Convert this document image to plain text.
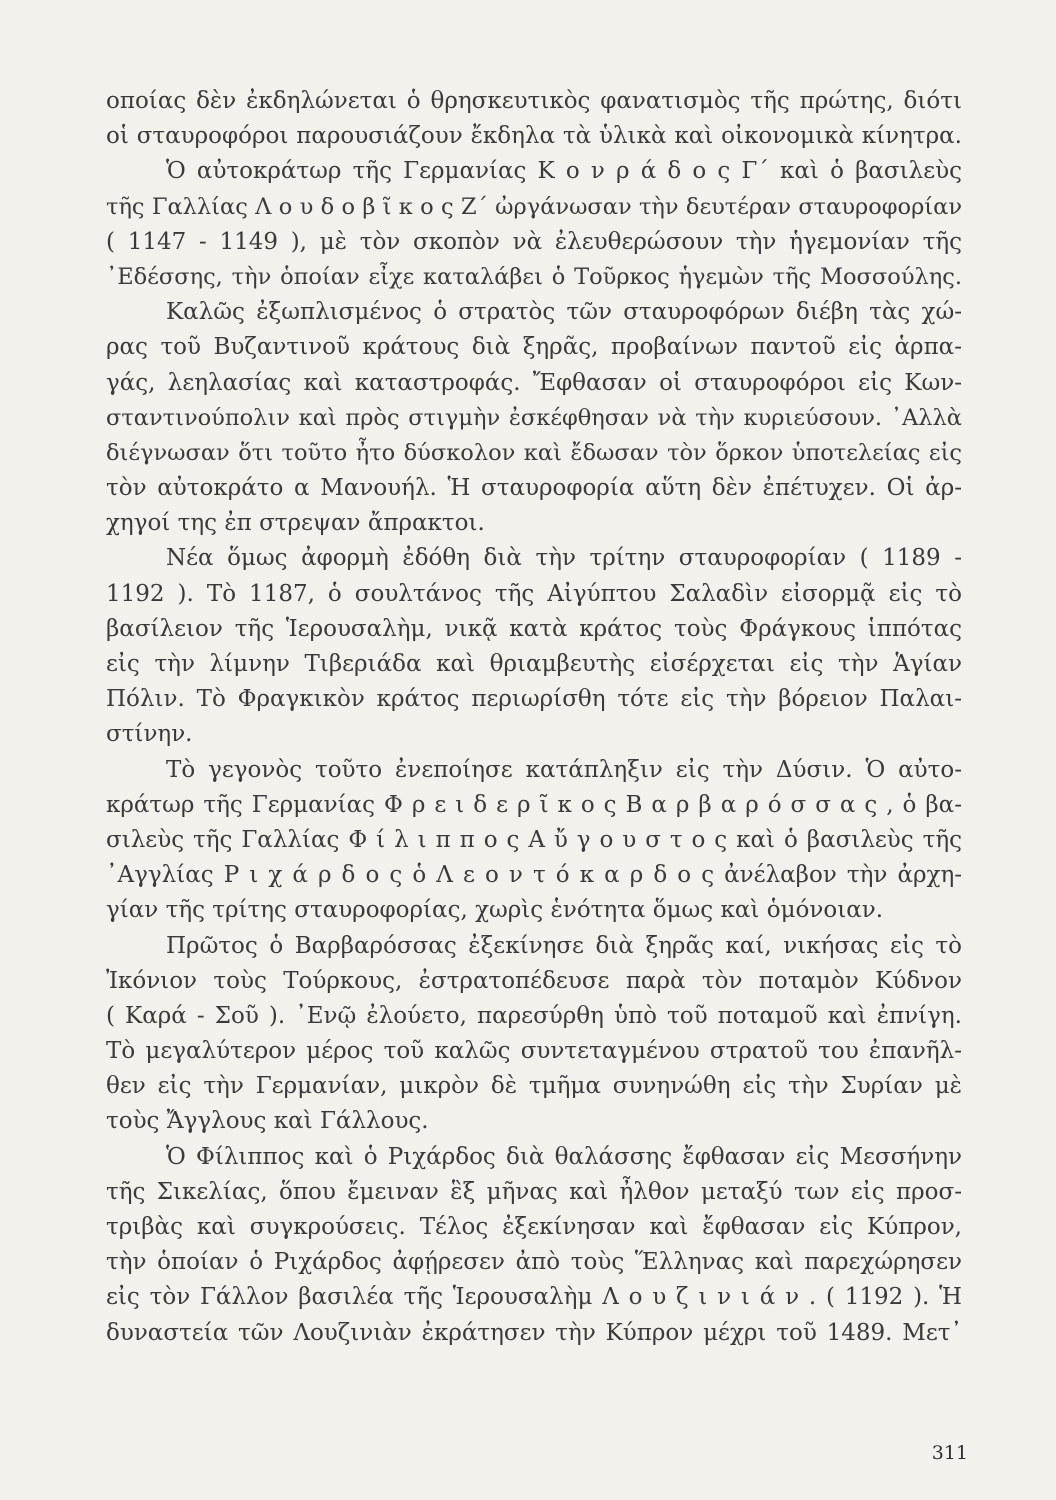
οποίας δὲν ἐκδηλώνεται ὁ θρησκευτικὸς φανατισμὸς τῆς πρώτης, διότι
οἱ σταυροφόροι παρουσιάζουν ἔκδηλα τὰ ὑλικὰ καὶ οἰκονομικὰ κίνητρα.
Ὁ αὐτοκράτωρ τῆς Γερμανίας Κ ο ν ρ ά δ ο ς Γ΄ καὶ ὁ βασιλεὺς
τῆς Γαλλίας Λ ο υ δ ο β ῖ κ ο ς Ζ΄ ὠργάνωσαν τὴν δευτέραν σταυροφορίαν
( 1147 - 1149 ), μὲ τὸν σκοπὸν νὰ ἐλευθερώσουν τὴν ἡγεμονίαν τῆς
᾿Εδέσσης, τὴν ὁποίαν εἶχε καταλάβει ὁ Τοῦρκος ἡγεμὼν τῆς Μοσσούλης.
Καλῶς ἐξωπλισμένος ὁ στρατὸς τῶν σταυροφόρων διέβη τὰς χώ-
ρας τοῦ Βυζαντινοῦ κράτους διὰ ξηρᾶς, προβαίνων παντοῦ εἰς ἁρπα-
γάς, λεηλασίας καὶ καταστροφάς. Ἔφθασαν οἱ σταυροφόροι εἰς Κων-
σταντινούπολιν καὶ πρὸς στιγμὴν ἐσκέφθησαν νὰ τὴν κυριεύσουν. ᾿Αλλὰ
διέγνωσαν ὅτι τοῦτο ἦτο δύσκολον καὶ ἔδωσαν τὸν ὅρκον ὑποτελείας εἰς
τὸν αὐτοκράτο ‍α Μανουήλ. Ἡ σταυροφορία αὕτη δὲν ἐπέτυχεν. Οἱ ἀρ-
χηγοί της ἐπ ‍στρεψαν ἄπρακτοι.
Νέα ὅμως ἀφορμὴ ἐδόθη διὰ τὴν τρίτην σταυροφορίαν ( 1189 -
1192 ). Τὸ 1187, ὁ σουλτάνος τῆς Αἰγύπτου Σαλαδὶν εἰσορμᾷ εἰς τὸ
βασίλειον τῆς Ἱερουσαλὴμ, νικᾷ κατὰ κράτος τοὺς Φράγκους ἱππότας
εἰς τὴν λίμνην Τιβεριάδα καὶ θριαμβευτὴς εἰσέρχεται εἰς τὴν Ἁγίαν
Πόλιν. Τὸ Φραγκικὸν κράτος περιωρίσθη τότε εἰς τὴν βόρειον Παλαι-
στίνην.
Τὸ γεγονὸς τοῦτο ἐνεποίησε κατάπληξιν εἰς τὴν Δύσιν. Ὁ αὐτο-
κράτωρ τῆς Γερμανίας Φ ρ ε ι δ ε ρ ῖ κ ο ς Β α ρ β α ρ ό σ σ α ς , ὁ βα-
σιλεὺς τῆς Γαλλίας Φ ί λ ι π π ο ς Α ὔ γ ο υ σ τ ο ς καὶ ὁ βασιλεὺς τῆς
᾿Αγγλίας Ρ ι χ ά ρ δ ο ς ὁ Λ ε ο ν τ ό κ α ρ δ ο ς ἀνέλαβον τὴν ἀρχη-
γίαν τῆς τρίτης σταυροφορίας, χωρὶς ἑνότητα ὅμως καὶ ὁμόνοιαν.
Πρῶτος ὁ Βαρβαρόσσας ἐξεκίνησε διὰ ξηρᾶς καί, νικήσας εἰς τὸ
Ἰκόνιον τοὺς Τούρκους, ἐστρατοπέδευσε παρὰ τὸν ποταμὸν Κύδνον
( Καρά - Σοῦ ). ᾿Ενῷ ἐλούετο, παρεσύρθη ὑπὸ τοῦ ποταμοῦ καὶ ἐπνίγη.
Τὸ μεγαλύτερον μέρος τοῦ καλῶς συντεταγμένου στρατοῦ του ἐπανῆλ-
θεν εἰς τὴν Γερμανίαν, μικρὸν δὲ τμῆμα συνηνώθη εἰς τὴν Συρίαν μὲ
τοὺς Ἄγγλους καὶ Γάλλους.
Ὁ Φίλιππος καὶ ὁ Ριχάρδος διὰ θαλάσσης ἔφθασαν εἰς Μεσσήνην
τῆς Σικελίας, ὅπου ἔμειναν ἓξ μῆνας καὶ ἦλθον μεταξύ των εἰς προσ-
τριβὰς καὶ συγκρούσεις. Τέλος ἐξεκίνησαν καὶ ἔφθασαν εἰς Κύπρον,
τὴν ὁποίαν ὁ Ριχάρδος ἀφῄρεσεν ἀπὸ τοὺς Ἕλληνας καὶ παρεχώρησεν
εἰς τὸν Γάλλον βασιλέα τῆς Ἱερουσαλὴμ Λ ο υ ζ ι ν ι ά ν . ( 1192 ). Ἡ
δυναστεία τῶν Λουζινιὰν ἐκράτησεν τὴν Κύπρον μέχρι τοῦ 1489. Μετ᾿
311
